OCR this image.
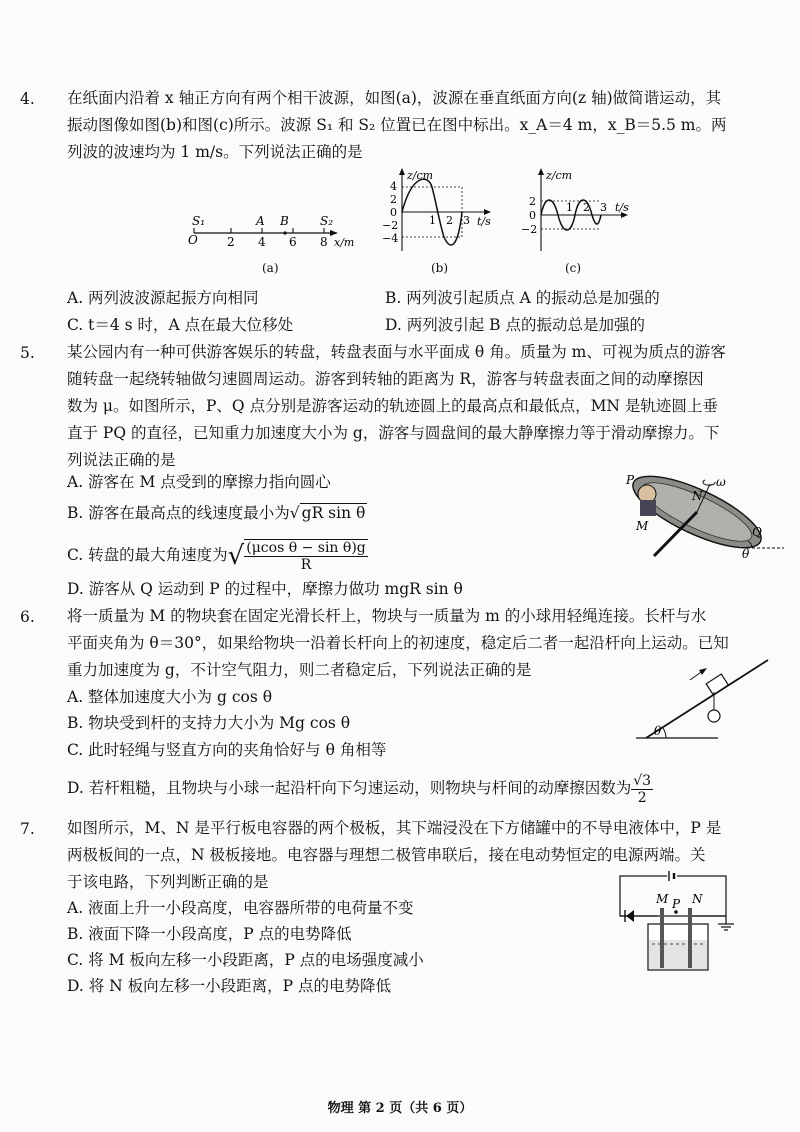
4. 在纸面内沿着 x 轴正方向有两个相干波源，如图(a)，波源在垂直纸面方向(z 轴)做简谐运动，其
振动图像如图(b)和图(c)所示。波源 S₁ 和 S₂ 位置已在图中标出。x_A＝4 m，x_B＝5.5 m。两
列波的波速均为 1 m/s。下列说法正确的是
O
S₁	A B	S₂
2 4 6 8 x/m
(a)
z/cm
4
2
0
−2
−4
1 2 3 t/s
(b)
z/cm
2
0
−2
1 2 3 t/s
(c)
A. 两列波波源起振方向相同	B. 两列波引起质点 A 的振动总是加强的
C. t＝4 s 时，A 点在最大位移处	D. 两列波引起 B 点的振动总是加强的
5. 某公园内有一种可供游客娱乐的转盘，转盘表面与水平面成 θ 角。质量为 m、可视为质点的游客
随转盘一起绕转轴做匀速圆周运动。游客到转轴的距离为 R，游客与转盘表面之间的动摩擦因
数为 μ。如图所示，P、Q 点分别是游客运动的轨迹圆上的最高点和最低点，MN 是轨迹圆上垂
直于 PQ 的直径，已知重力加速度大小为 g，游客与圆盘间的最大静摩擦力等于滑动摩擦力。下
列说法正确的是
A. 游客在 M 点受到的摩擦力指向圆心
B. 游客在最高点的线速度最小为√ gR sin θ
C. 转盘的最大角速度为√ $\frac{\text{(μcos θ − sin θ)g}}{R}$
D. 游客从 Q 运动到 P 的过程中，摩擦力做功 mgR sin θ
P
M
N
ω
Q
θ
6. 将一质量为 M 的物块套在固定光滑长杆上，物块与一质量为 m 的小球用轻绳连接。长杆与水
平面夹角为 θ＝30°，如果给物块一沿着长杆向上的初速度，稳定后二者一起沿杆向上运动。已知
重力加速度为 g，不计空气阻力，则二者稳定后，下列说法正确的是
A. 整体加速度大小为 g cos θ
B. 物块受到杆的支持力大小为 Mg cos θ
C. 此时轻绳与竖直方向的夹角恰好与 θ 角相等
D. 若杆粗糙，且物块与小球一起沿杆向下匀速运动，则物块与杆间的动摩擦因数为 $\frac{√3}{2}$
θ
7. 如图所示，M、N 是平行板电容器的两个极板，其下端浸没在下方储罐中的不导电液体中，P 是
两极板间的一点，N 极板接地。电容器与理想二极管串联后，接在电动势恒定的电源两端。关
于该电路，下列判断正确的是
A. 液面上升一小段高度，电容器所带的电荷量不变
B. 液面下降一小段高度，P 点的电势降低
C. 将 M 板向左移一小段距离，P 点的电场强度减小
D. 将 N 板向左移一小段距离，P 点的电势降低
M P N
物理 第 2 页（共 6 页）
